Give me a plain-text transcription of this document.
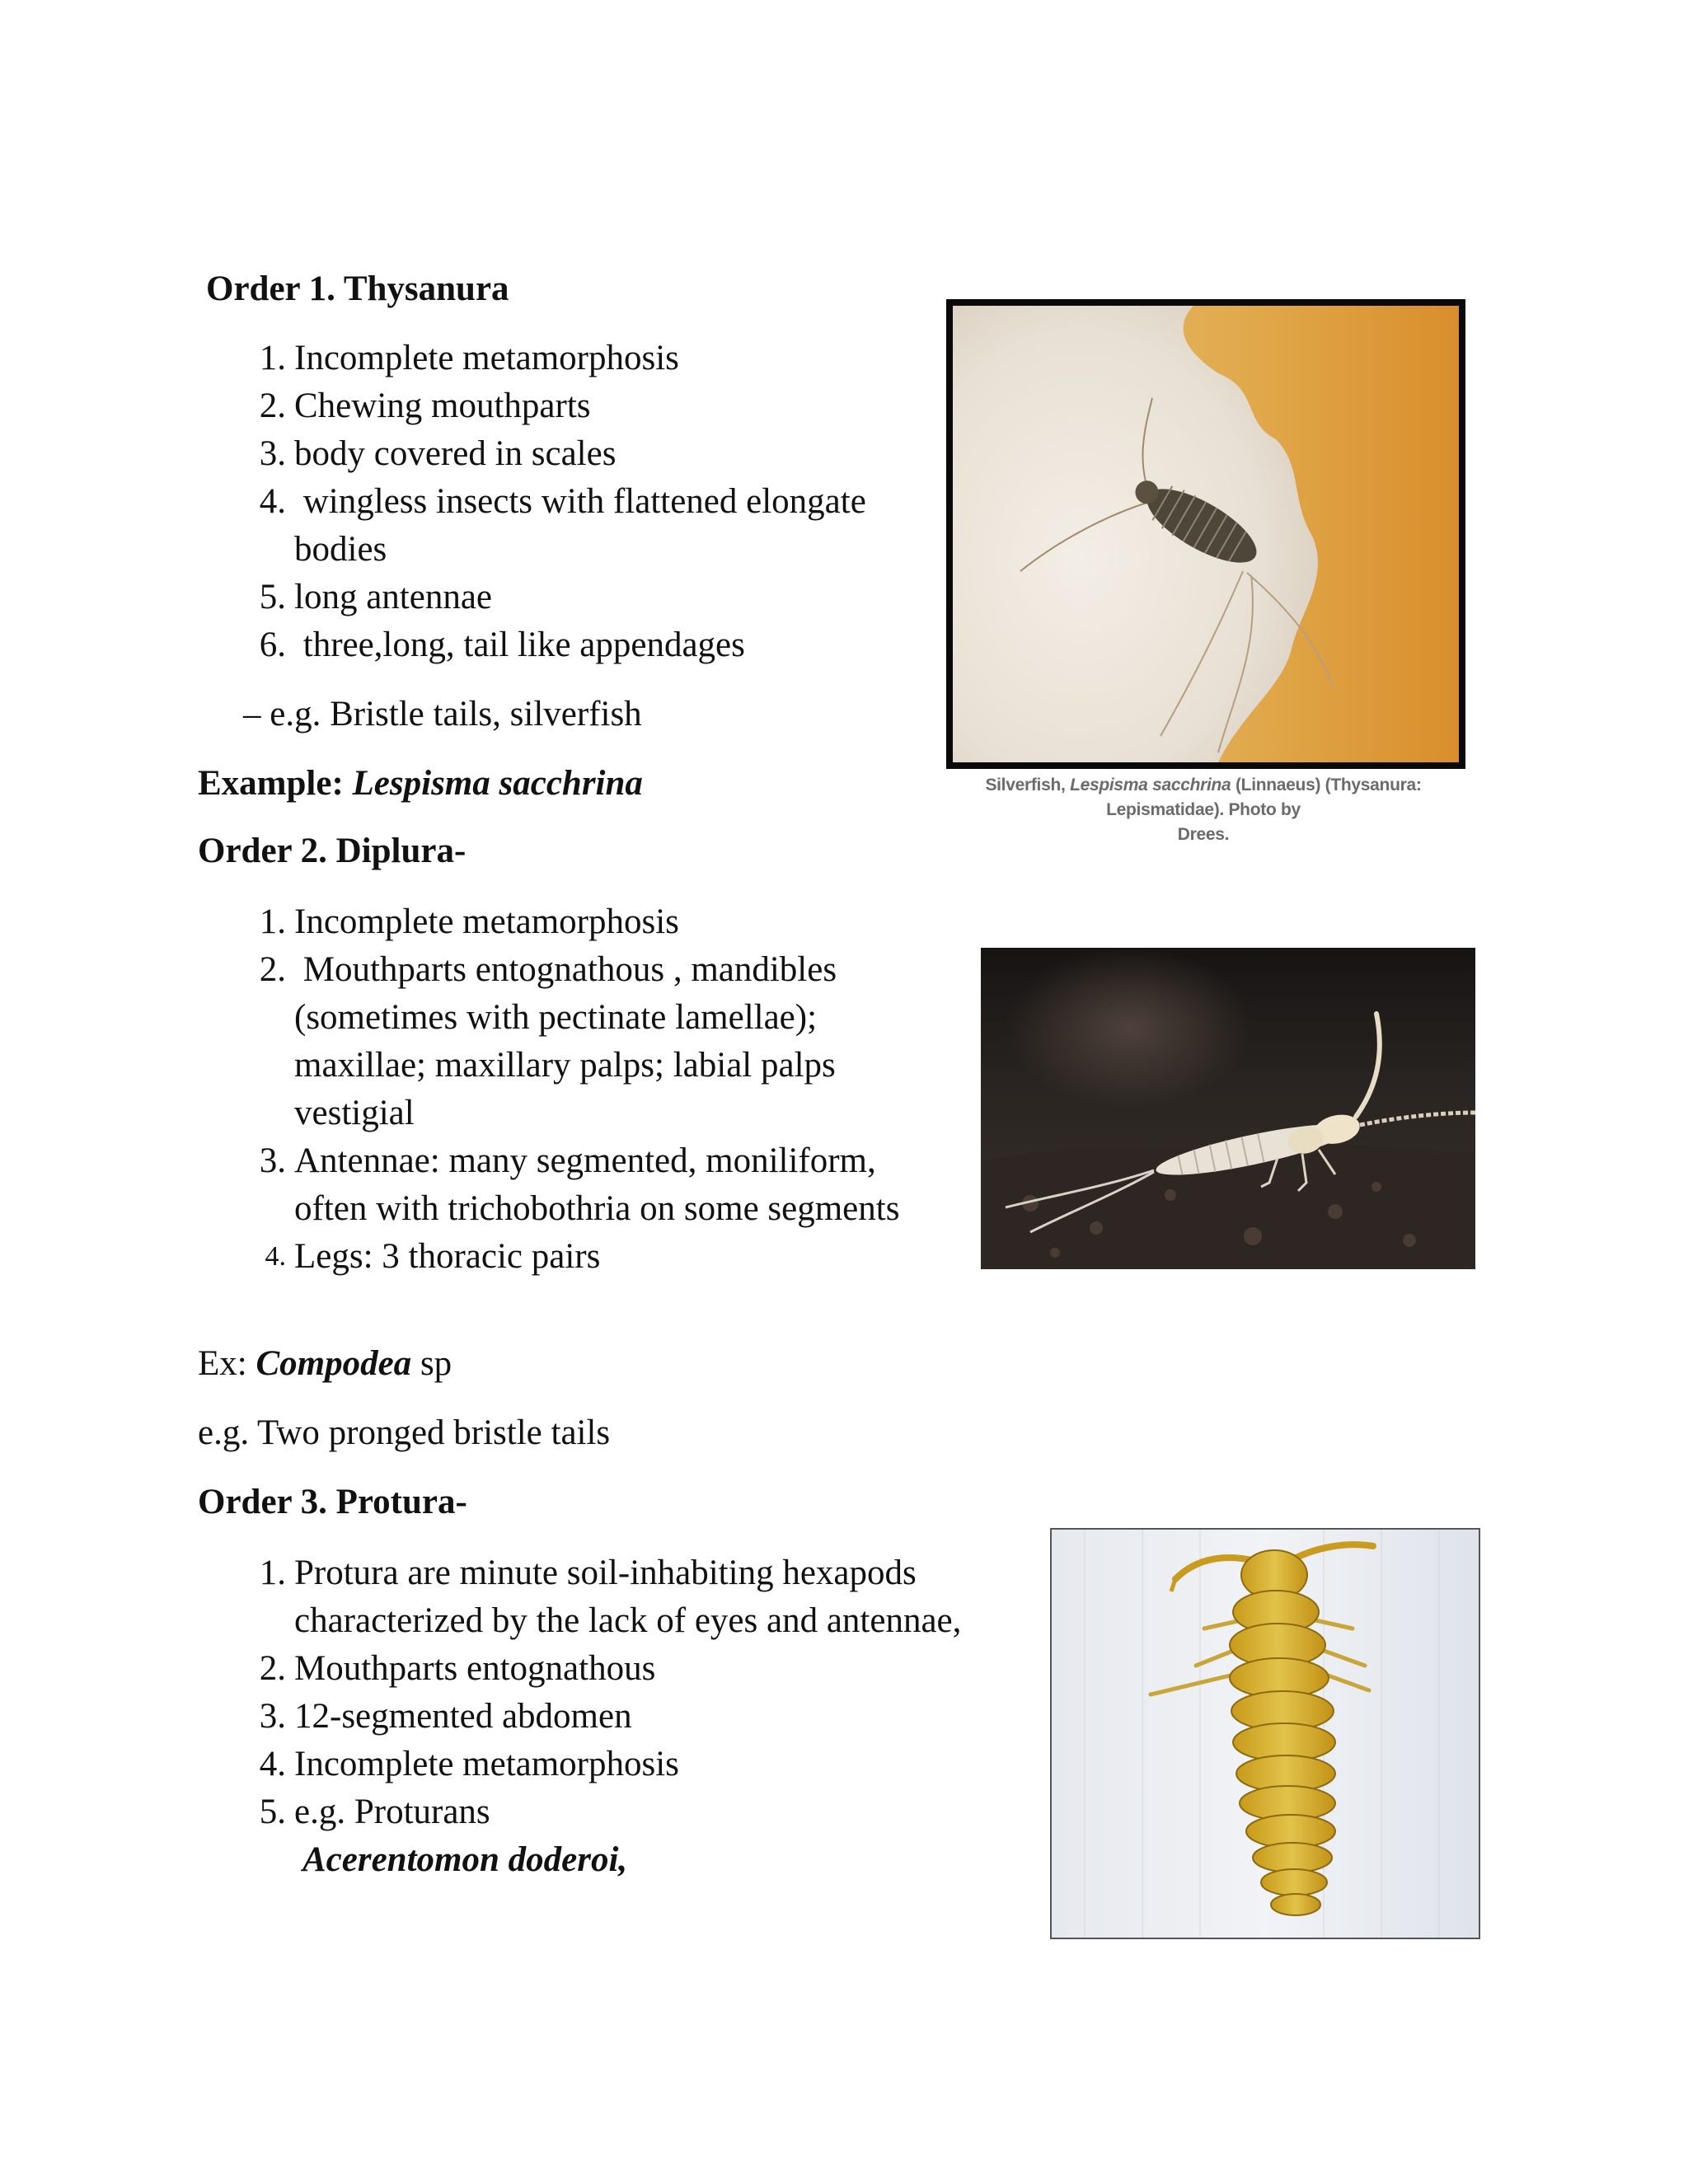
Order 1. Thysanura
1. Incomplete metamorphosis
2. Chewing mouthparts
3. body covered in scales
4. wingless insects with flattened elongate
bodies
5. long antennae
6. three,long, tail like appendages
– e.g. Bristle tails, silverfish
Example: Lespisma sacchrina	Silverfish, Lespisma sacchrina (Linnaeus) (Thysanura: Lepismatidae). Photo by
Drees.
Order 2. Diplura-
1. Incomplete metamorphosis
2. Mouthparts entognathous , mandibles
(sometimes with pectinate lamellae);
maxillae; maxillary palps; labial palps
vestigial
3. Antennae: many segmented, moniliform,
often with trichobothria on some segments
4. Legs: 3 thoracic pairs
Ex: Compodea sp
e.g. Two pronged bristle tails
Order 3. Protura-
1. Protura are minute soil-inhabiting hexapods
characterized by the lack of eyes and antennae,
2. Mouthparts entognathous
3. 12-segmented abdomen
4. Incomplete metamorphosis
5. e.g. Proturans
Acerentomon doderoi,
